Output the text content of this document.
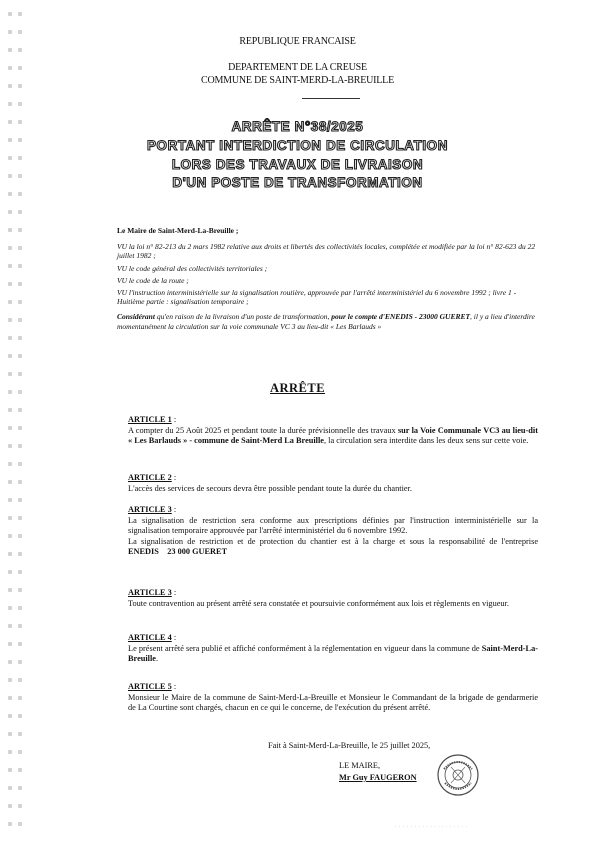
REPUBLIQUE FRANCAISE
DEPARTEMENT DE LA CREUSE
COMMUNE DE SAINT-MERD-LA-BREUILLE
ARRÊTE N°38/2025
PORTANT INTERDICTION DE CIRCULATION
LORS DES TRAVAUX DE LIVRAISON
D'UN POSTE DE TRANSFORMATION

Le Maire de Saint-Merd-La-Breuille ;

VU la loi n° 82-213 du 2 mars 1982 relative aux droits et libertés des collectivités locales, complétée et modifiée par la loi n° 82-623 du 22 juillet 1982 ;

VU le code général des collectivités territoriales ;

VU le code de la route ;

VU l'instruction interministérielle sur la signalisation routière, approuvée par l'arrêté interministériel du 6 novembre 1992 ; livre 1 - Huitième partie : signalisation temporaire ;

Considérant qu'en raison de la livraison d'un poste de transformation, pour le compte d'ENEDIS - 23000 GUERET, il y a lieu d'interdire momentanément la circulation sur la voie communale VC 3 au lieu-dit « Les Barlauds »

ARRÊTE
ARTICLE 1 :

A compter du 25 Août 2025 et pendant toute la durée prévisionnelle des travaux sur la Voie Communale VC3 au lieu-dit « Les Barlauds » - commune de Saint-Merd La Breuille, la circulation sera interdite dans les deux sens sur cette voie.

ARTICLE 2 :

L'accès des services de secours devra être possible pendant toute la durée du chantier.

ARTICLE 3 :

La signalisation de restriction sera conforme aux prescriptions définies par l'instruction interministérielle sur la signalisation temporaire approuvée par l'arrêté interministériel du 6 novembre 1992.

La signalisation de restriction et de protection du chantier est à la charge et sous la responsabilité de l'entreprise ENEDIS    23 000 GUERET

ARTICLE 3 :

Toute contravention au présent arrêté sera constatée et poursuivie conformément aux lois et règlements en vigueur.

ARTICLE 4 :

Le présent arrêté sera publié et affiché conformément à la réglementation en vigueur dans la commune de Saint-Merd-La-Breuille.

ARTICLE 5 :

Monsieur le Maire de la commune de Saint-Merd-La-Breuille et Monsieur le Commandant de la brigade de gendarmerie de La Courtine sont chargés, chacun en ce qui le concerne, de l'exécution du présent arrêté.

Fait à Saint-Merd-La-Breuille, le 25 juillet 2025,
LE MAIRE,
Mr Guy FAUGERON
· · · · · · · · · · · · · · · · · · ·
